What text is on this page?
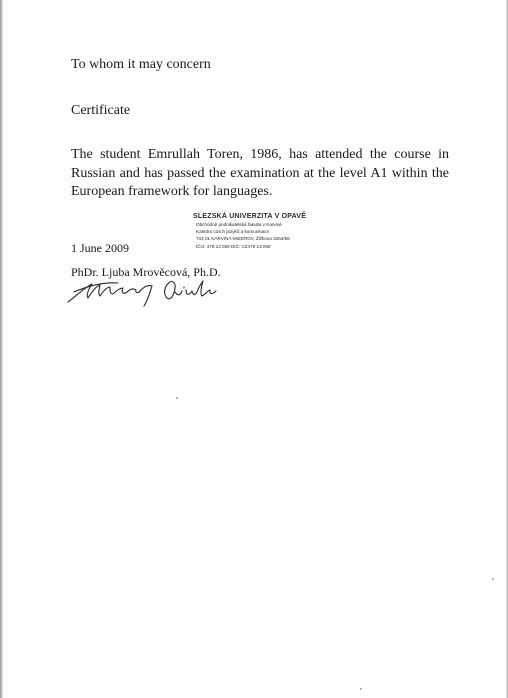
To whom it may concern
Certificate
The student Emrullah Toren, 1986, has attended the course in Russian and has passed the examination at the level A1 within the European framework for languages.
SLEZSKÁ UNIVERZITA V OPAVĚ
Obchodně podnikatelská fakulta v Karviné
Katedra cizích jazyků a komunikace
733 01 KARVINÁ-MIZEROV, Žižkova 3364/56
IČO: 478 13 059 DIČ: CZ478 13 059
1 June 2009
PhDr. Ljuba Mrověcová, Ph.D.
